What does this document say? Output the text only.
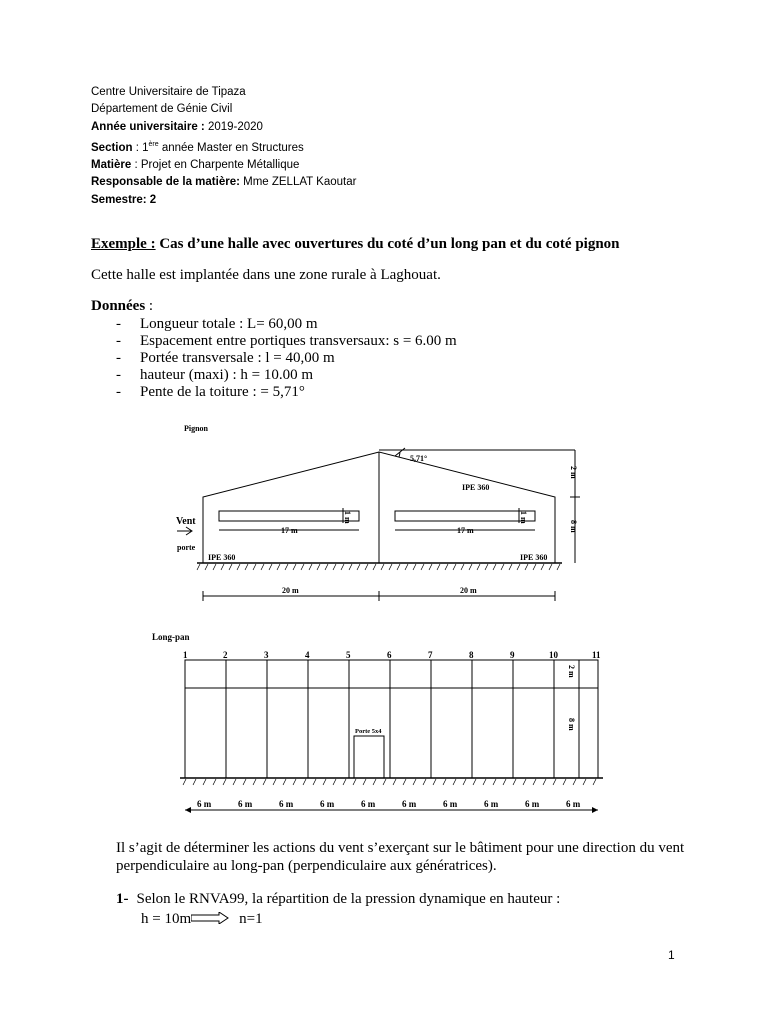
Centre Universitaire de Tipaza
Département de Génie Civil
Année universitaire : 2019-2020
Section : 1ère année Master en Structures
Matière : Projet en Charpente Métallique
Responsable de la matière: Mme ZELLAT Kaoutar
Semestre: 2
Exemple : Cas d’une halle avec ouvertures du coté d’un long pan et du coté pignon
Cette halle est implantée dans une zone rurale à Laghouat.
Données :
- Longueur totale : L= 60,00 m
- Espacement entre portiques transversaux: s = 6.00 m
- Portée transversale : l = 40,00 m
- hauteur (maxi) : h = 10.00 m
- Pente de la toiture : = 5,71°
Pignon
5,71°
IPE 360
17 m	17 m
1 m	1 m
Vent
porte
IPE 360	IPE 360
2 m
8 m
20 m	20 m
Long-pan
1	2	3	4	5	6	7	8	9	10	11
Porte 5x4
2 m
8 m
6 m	6 m	6 m	6 m	6 m	6 m	6 m	6 m	6 m	6 m
Il s’agit de déterminer les actions du vent s’exerçant sur le bâtiment pour une direction du vent perpendiculaire au long-pan (perpendiculaire aux génératrices).
1- Selon le RNVA99, la répartition de la pression dynamique en hauteur :
h = 10m	n=1
1
